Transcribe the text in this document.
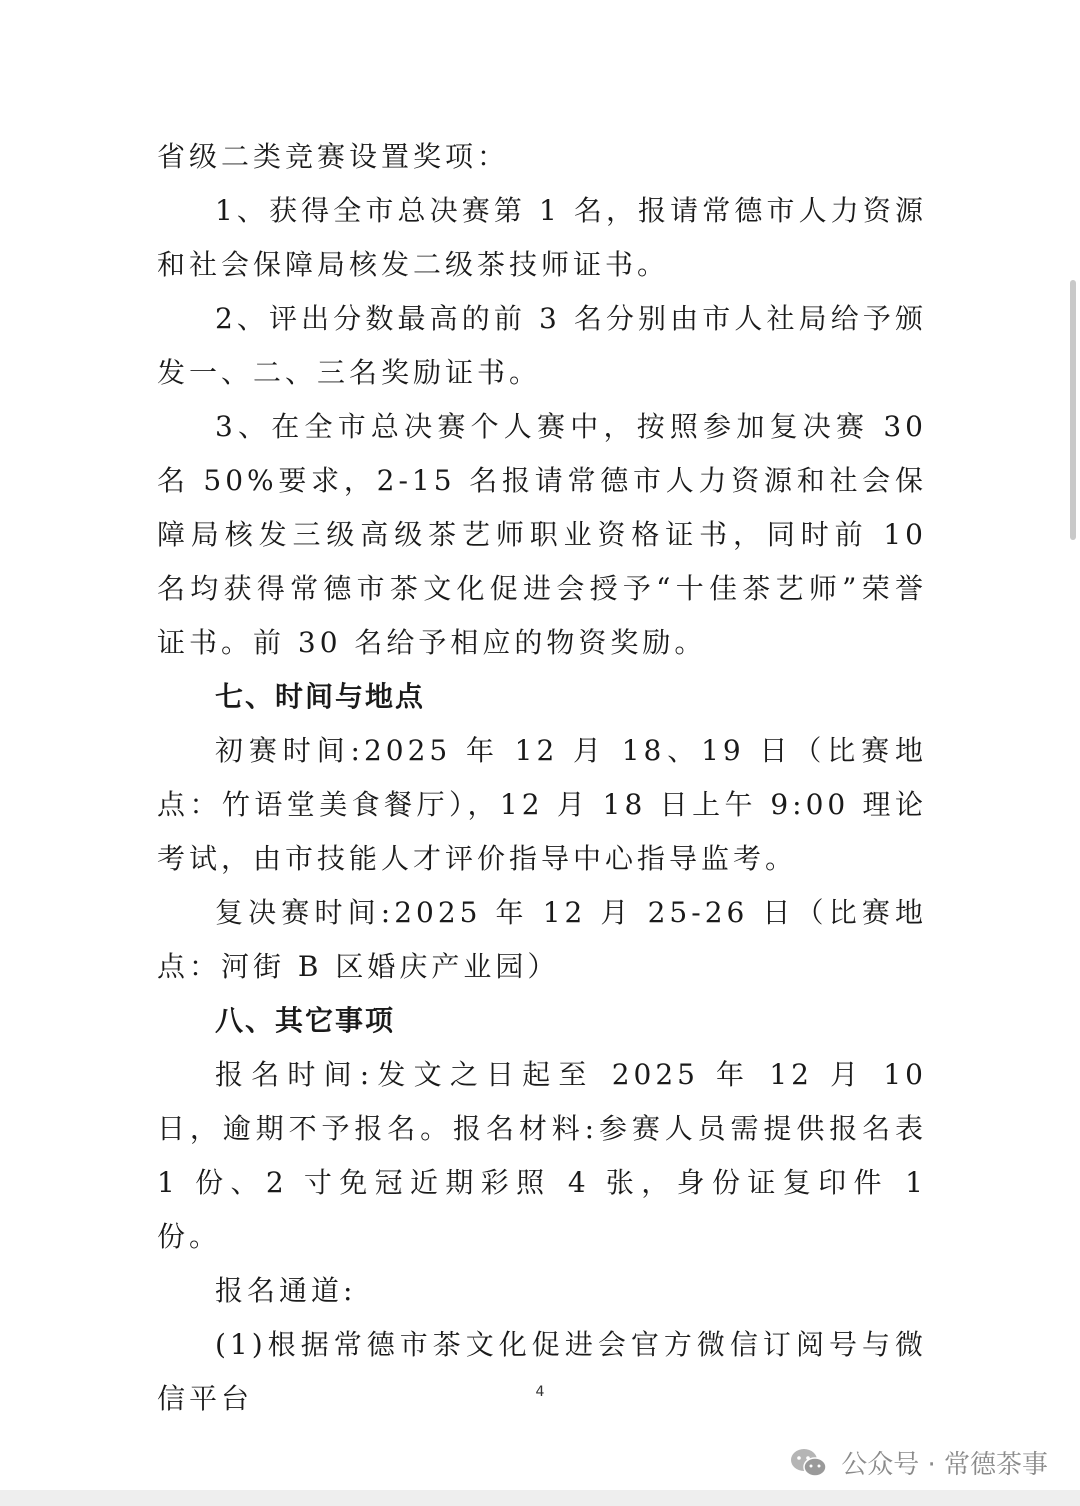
省级二类竞赛设置奖项：

1、获得全市总决赛第 1 名，报请常德市人力资源和社会保障局核发二级茶技师证书。

2、评出分数最高的前 3 名分别由市人社局给予颁发一、二、三名奖励证书。

3、在全市总决赛个人赛中，按照参加复决赛 30 名 50%要求，2-15 名报请常德市人力资源和社会保障局核发三级高级茶艺师职业资格证书，同时前 10 名均获得常德市茶文化促进会授予“十佳茶艺师”荣誉证书。前 30 名给予相应的物资奖励。

七、时间与地点

初赛时间:2025 年 12 月 18、19 日（比赛地点：竹语堂美食餐厅），12 月 18 日上午 9:00 理论考试，由市技能人才评价指导中心指导监考。

复决赛时间:2025 年 12 月 25-26 日（比赛地点：河街 B 区婚庆产业园）

八、其它事项

报名时间:发文之日起至 2025 年 12 月 10 日，逾期不予报名。报名材料:参赛人员需提供报名表 1 份、2 寸免冠近期彩照 4 张，身份证复印件 1 份。

报名通道:

(1)根据常德市茶文化促进会官方微信订阅号与微信平台	4
公众号 · 常德茶事
